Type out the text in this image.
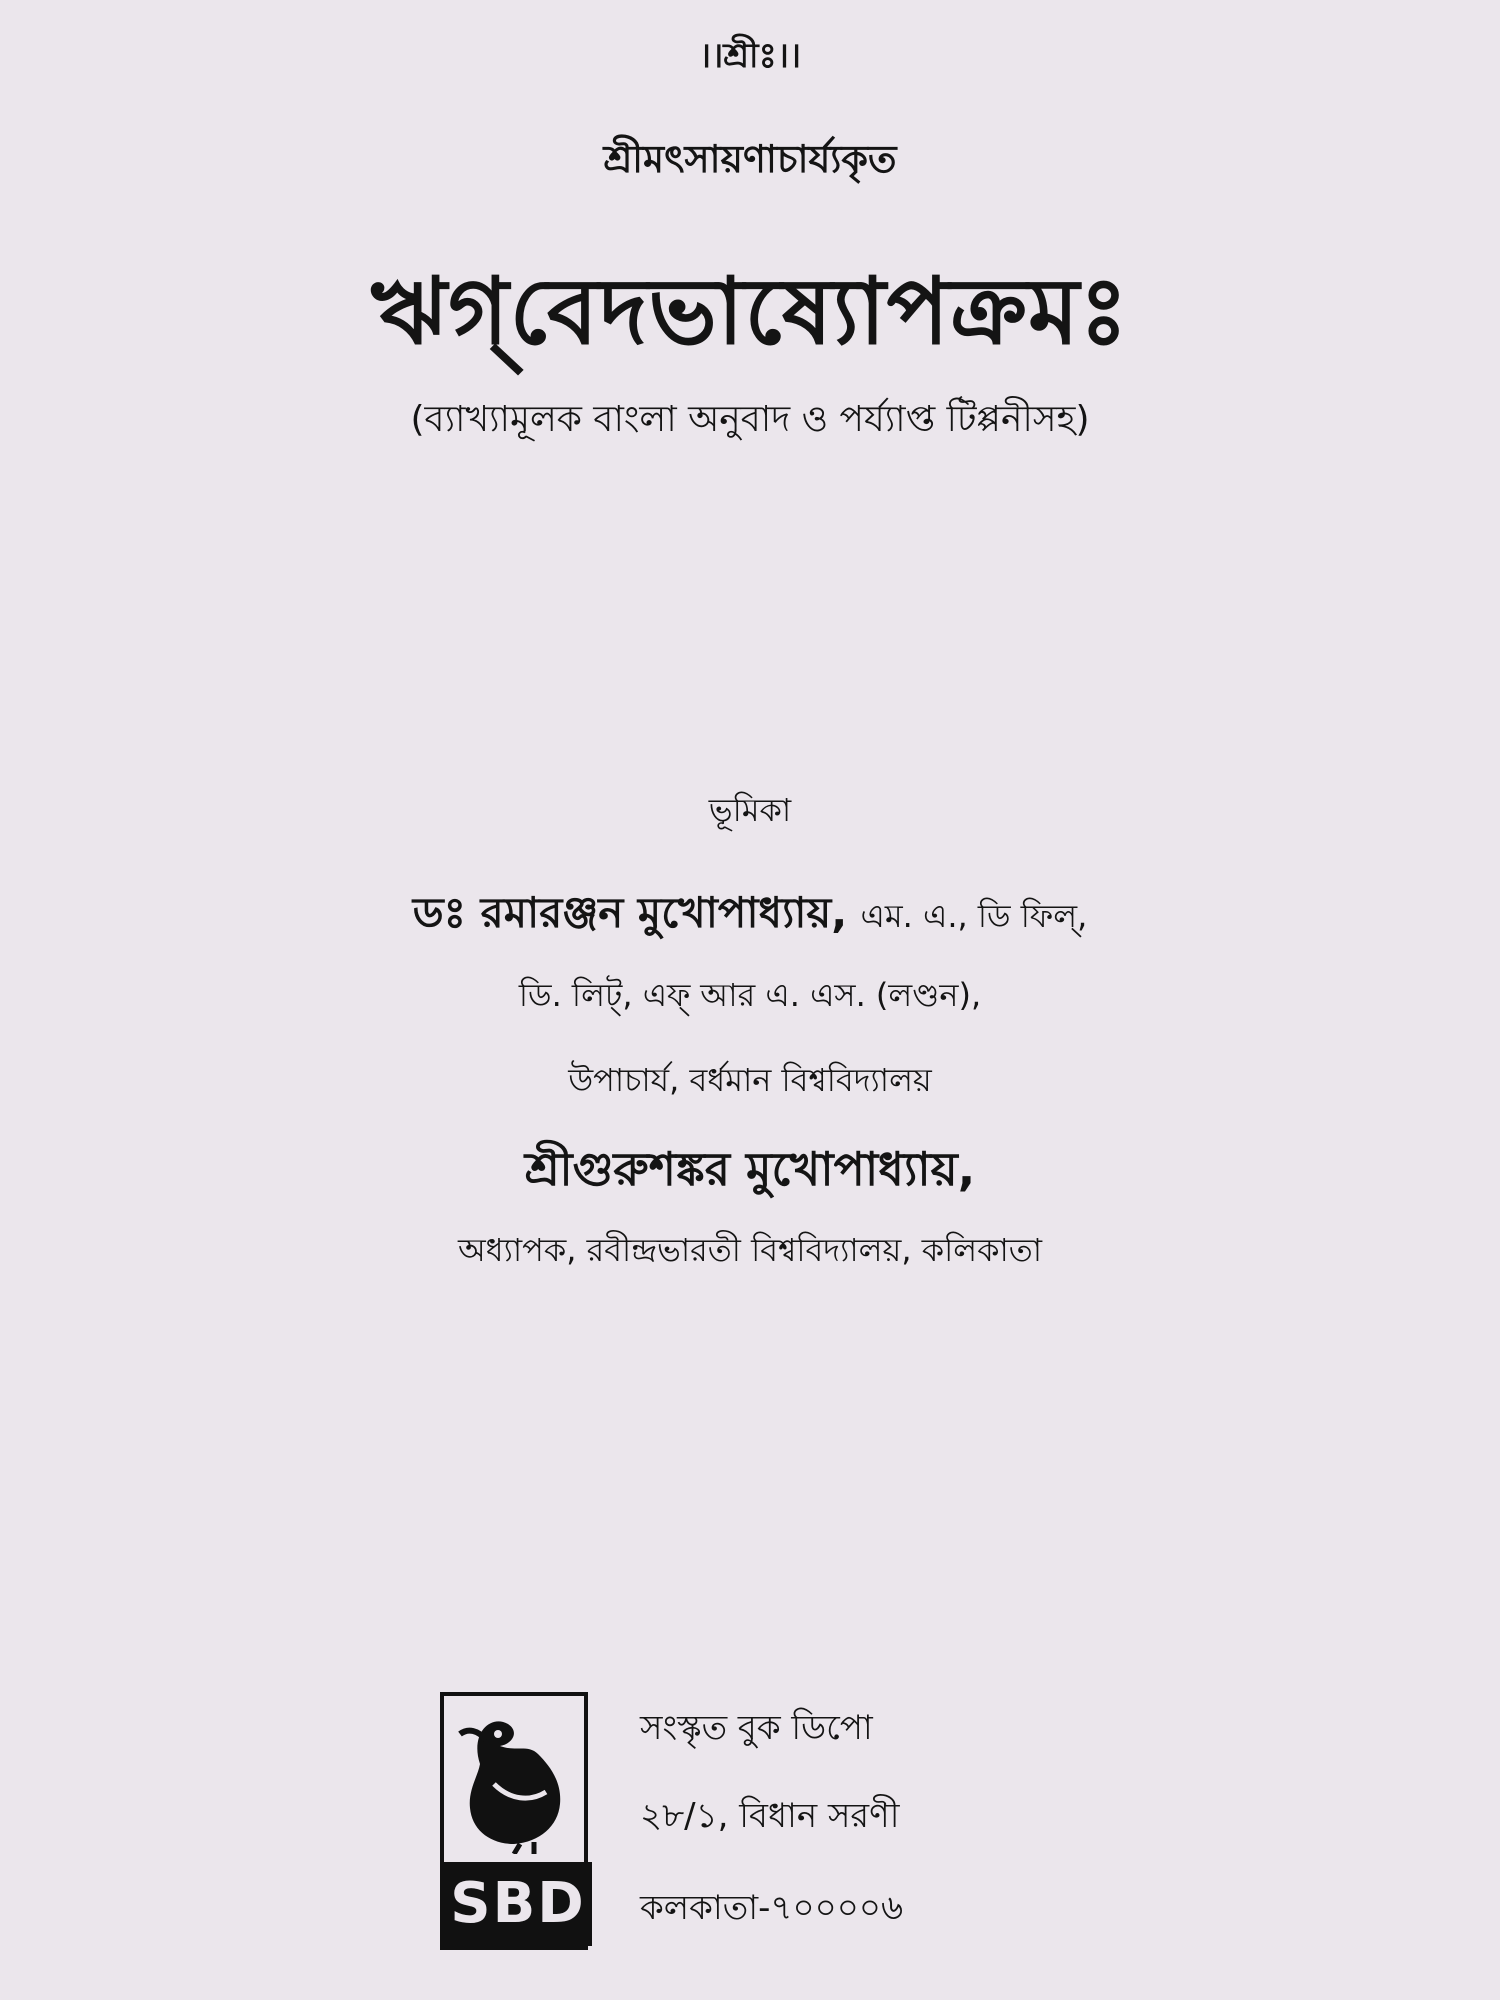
।।শ্রীঃ।।
শ্রীমৎসায়ণাচার্য্যকৃত
ঋগ্‌বেদভাষ্যোপক্রমঃ
(ব্যাখ্যামূলক বাংলা অনুবাদ ও পর্য্যাপ্ত টিপ্পনীসহ)
ভূমিকা
ডঃ রমারঞ্জন মুখোপাধ্যায়, এম. এ., ডি ফিল্,
ডি. লিট্, এফ্ আর এ. এস. (লণ্ডন),
উপাচার্য, বর্ধমান বিশ্ববিদ্যালয়
শ্রীগুরুশঙ্কর মুখোপাধ্যায়,
অধ্যাপক, রবীন্দ্রভারতী বিশ্ববিদ্যালয়, কলিকাতা
SBD
সংস্কৃত বুক ডিপো
২৮/১, বিধান সরণী
কলকাতা-৭০০০০৬
